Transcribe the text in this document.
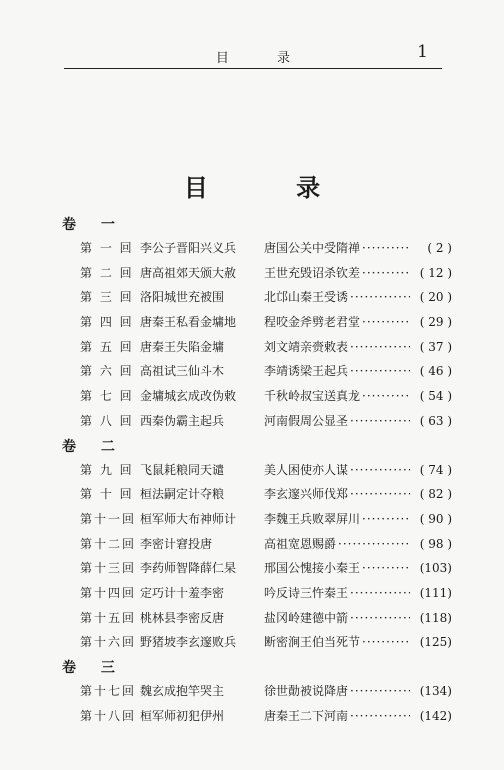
目 录	1
目 录
卷 一
第 一 回 李公子晋阳兴义兵	唐国公关中受隋禅 ·····	( 2 )
第 二 回 唐高祖郊天颁大赦	王世充毁诏杀钦差 ·····	( 12 )
第 三 回 洛阳城世充被围	北邙山秦王受诱 ·····	( 20 )
第 四 回 唐秦王私看金墉地	程咬金斧劈老君堂 ·····	( 29 )
第 五 回 唐秦王失陷金墉	刘文靖亲赍敕表 ·····	( 37 )
第 六 回 高祖试三仙斗木	李靖诱梁王起兵 ·····	( 46 )
第 七 回 金墉城玄成改伪敕	千秋岭叔宝送真龙 ·····	( 54 )
第 八 回 西秦伪霸主起兵	河南假周公显圣 ·····	( 63 )
卷 二
第 九 回 飞鼠耗粮同天谴	美人困使亦人谋 ·····	( 74 )
第 十 回 桓法嗣定计夺粮	李玄邃兴师伐郑 ·····	( 82 )
第十一回 桓军师大布神师计	李魏王兵败翠屏川 ·····	( 90 )
第十二回 李密计窘投唐	高祖宽恩赐爵 ·····	( 98 )
第十三回 李药师智降薛仁杲	邢国公愧接小秦王 ·····	(103)
第十四回 定巧计十羞李密	吟反诗三忤秦王 ·····	(111)
第十五回 桃林县李密反唐	盐冈岭建德中箭 ·····	(118)
第十六回 野猪坡李玄邃败兵	断密涧王伯当死节 ·····	(125)
卷 三
第十七回 魏玄成抱竿哭主	徐世勣被说降唐 ·····	(134)
第十八回 桓军师初犯伊州	唐秦王二下河南 ·····	(142)
